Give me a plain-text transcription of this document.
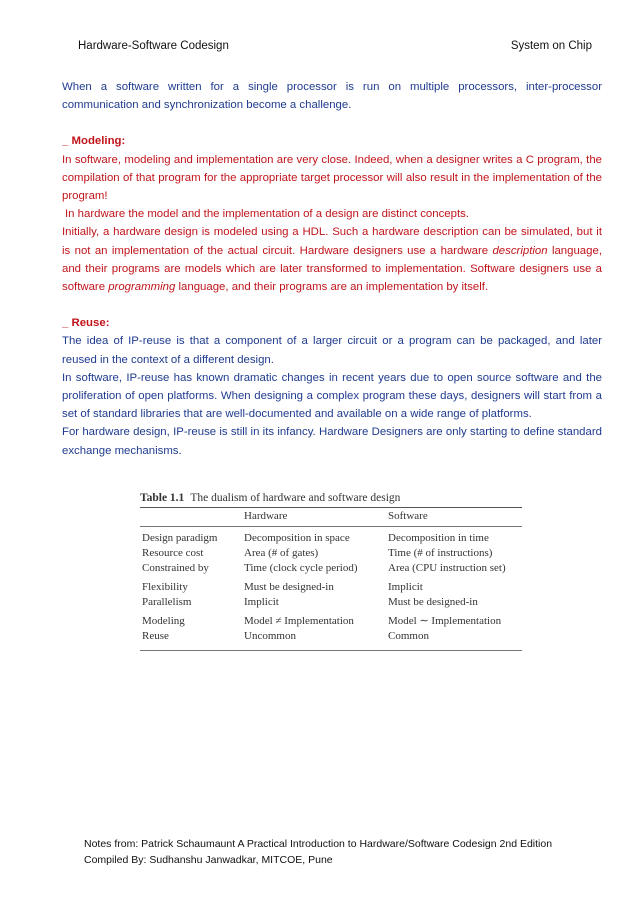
Hardware-Software Codesign	System on Chip

When a software written for a single processor is run on multiple processors, inter-processor communication and synchronization become a challenge.

_ Modeling:

In software, modeling and implementation are very close. Indeed, when a designer writes a C program, the compilation of that program for the appropriate target processor will also result in the implementation of the program!

In hardware the model and the implementation of a design are distinct concepts.

Initially, a hardware design is modeled using a HDL. Such a hardware description can be simulated, but it is not an implementation of the actual circuit. Hardware designers use a hardware description language, and their programs are models which are later transformed to implementation. Software designers use a software programming language, and their programs are an implementation by itself.

_ Reuse:

The idea of IP-reuse is that a component of a larger circuit or a program can be packaged, and later reused in the context of a different design.

In software, IP-reuse has known dramatic changes in recent years due to open source software and the proliferation of open platforms. When designing a complex program these days, designers will start from a set of standard libraries that are well-documented and available on a wide range of platforms.

For hardware design, IP-reuse is still in its infancy. Hardware Designers are only starting to define standard exchange mechanisms.

Table 1.1 The dualism of hardware and software design
	Hardware	Software
Design paradigm	Decomposition in space	Decomposition in time
Resource cost	Area (# of gates)	Time (# of instructions)
Constrained by	Time (clock cycle period)	Area (CPU instruction set)
Flexibility	Must be designed-in	Implicit
Parallelism	Implicit	Must be designed-in
Modeling	Model ≠ Implementation	Model ∼ Implementation
Reuse	Uncommon	Common
Notes from: Patrick Schaumaunt A Practical Introduction to Hardware/Software Codesign 2nd Edition
Compiled By: Sudhanshu Janwadkar, MITCOE, Pune
